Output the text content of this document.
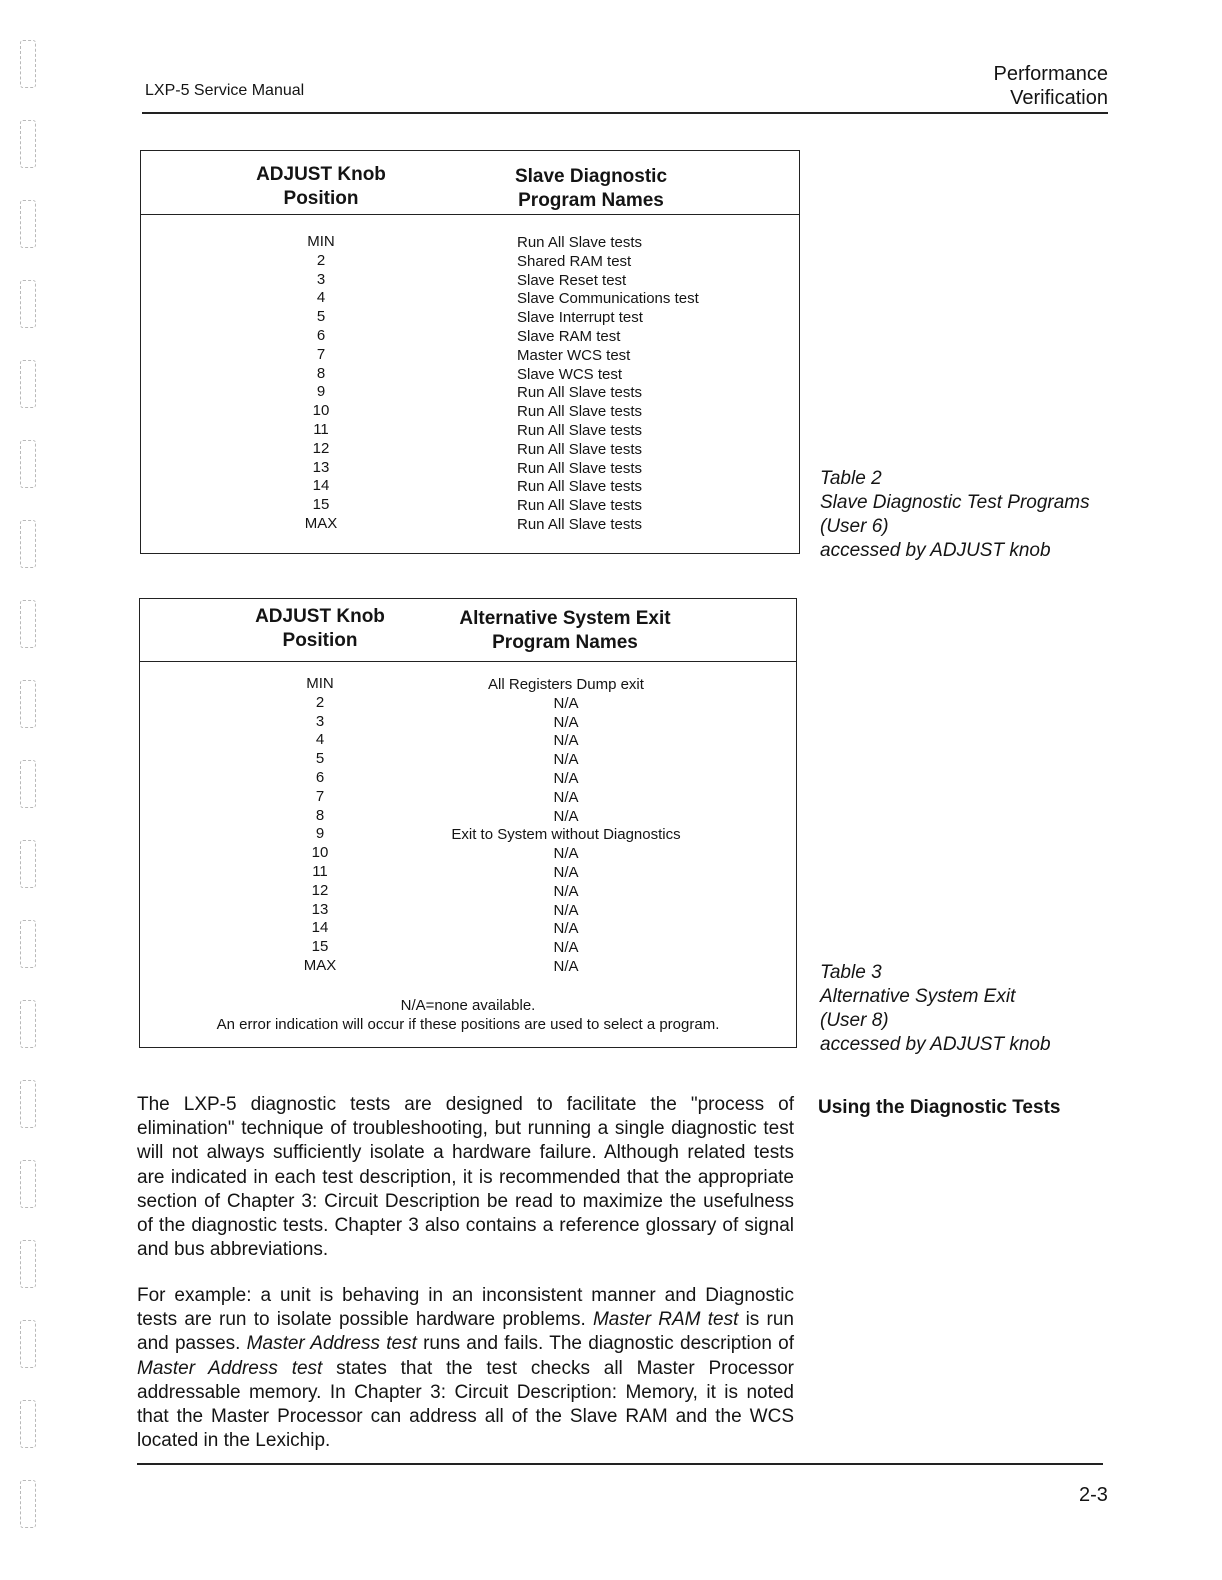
LXP-5 Service Manual
Performance
Verification
ADJUST Knob
Position
Slave Diagnostic
Program Names
MIN
2
3
4
5
6
7
8
9
10
11
12
13
14
15
MAX
Run All Slave tests
Shared RAM test
Slave Reset test
Slave Communications test
Slave Interrupt test
Slave RAM test
Master WCS test
Slave WCS test
Run All Slave tests
Run All Slave tests
Run All Slave tests
Run All Slave tests
Run All Slave tests
Run All Slave tests
Run All Slave tests
Run All Slave tests
Table 2
Slave Diagnostic Test Programs
(User 6)
accessed by ADJUST knob
ADJUST Knob
Position
Alternative System Exit
Program Names
MIN
2
3
4
5
6
7
8
9
10
11
12
13
14
15
MAX
All Registers Dump exit
N/A
N/A
N/A
N/A
N/A
N/A
N/A
Exit to System without Diagnostics
N/A
N/A
N/A
N/A
N/A
N/A
N/A
N/A=none available.
An error indication will occur if these positions are used to select a program.
Table 3
Alternative System Exit
(User 8)
accessed by ADJUST knob
Using the Diagnostic Tests

The LXP-5 diagnostic tests are designed to facilitate the "process of elimination" technique of troubleshooting, but running a single diagnostic test will not always sufficiently isolate a hardware failure. Although related tests are indicated in each test description, it is recommended that the appropriate section of Chapter 3: Circuit Description be read to maximize the usefulness of the diagnostic tests. Chapter 3 also contains a reference glossary of signal and bus abbreviations.

For example: a unit is behaving in an inconsistent manner and Diagnostic tests are run to isolate possible hardware problems. Master RAM test is run and passes. Master Address test runs and fails. The diagnostic description of Master Address test states that the test checks all Master Processor addressable memory. In Chapter 3: Circuit Description: Memory, it is noted that the Master Processor can address all of the Slave RAM and the WCS located in the Lexichip.

2-3
